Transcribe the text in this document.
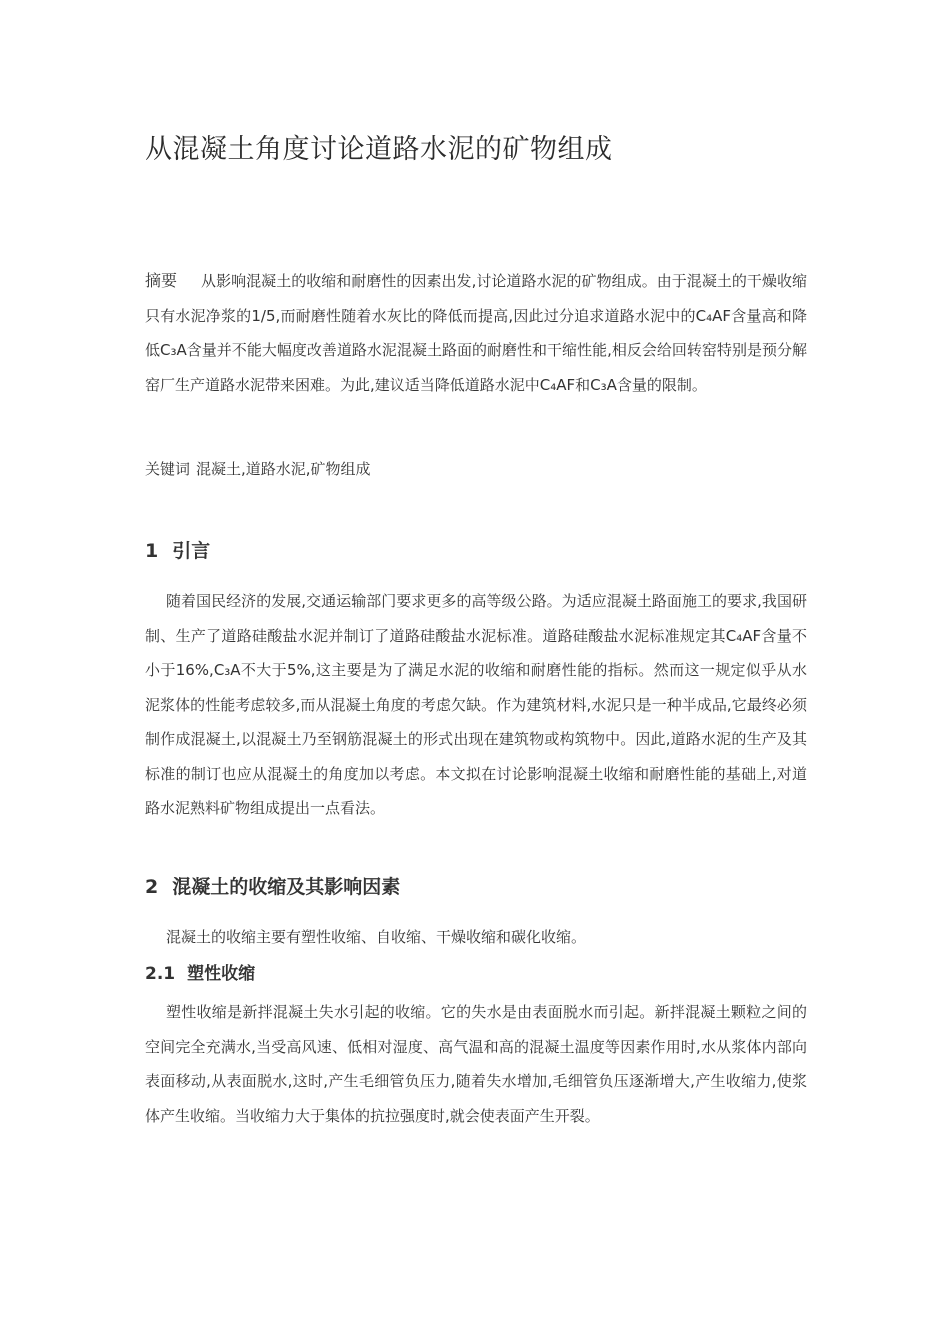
从混凝土角度讨论道路水泥的矿物组成

摘要 从影响混凝土的收缩和耐磨性的因素出发,讨论道路水泥的矿物组成。由于混凝土的干燥收缩只有水泥净浆的1/5,而耐磨性随着水灰比的降低而提高,因此过分追求道路水泥中的C₄AF含量高和降低C₃A含量并不能大幅度改善道路水泥混凝土路面的耐磨性和干缩性能,相反会给回转窑特别是预分解窑厂生产道路水泥带来困难。为此,建议适当降低道路水泥中C₄AF和C₃A含量的限制。

关键词 混凝土,道路水泥,矿物组成

1 引言

随着国民经济的发展,交通运输部门要求更多的高等级公路。为适应混凝土路面施工的要求,我国研制、生产了道路硅酸盐水泥并制订了道路硅酸盐水泥标准。道路硅酸盐水泥标准规定其C₄AF含量不小于16%,C₃A不大于5%,这主要是为了满足水泥的收缩和耐磨性能的指标。然而这一规定似乎从水泥浆体的性能考虑较多,而从混凝土角度的考虑欠缺。作为建筑材料,水泥只是一种半成品,它最终必须制作成混凝土,以混凝土乃至钢筋混凝土的形式出现在建筑物或构筑物中。因此,道路水泥的生产及其标准的制订也应从混凝土的角度加以考虑。本文拟在讨论影响混凝土收缩和耐磨性能的基础上,对道路水泥熟料矿物组成提出一点看法。

2 混凝土的收缩及其影响因素

混凝土的收缩主要有塑性收缩、自收缩、干燥收缩和碳化收缩。

2.1 塑性收缩

塑性收缩是新拌混凝土失水引起的收缩。它的失水是由表面脱水而引起。新拌混凝土颗粒之间的空间完全充满水,当受高风速、低相对湿度、高气温和高的混凝土温度等因素作用时,水从浆体内部向表面移动,从表面脱水,这时,产生毛细管负压力,随着失水增加,毛细管负压逐渐增大,产生收缩力,使浆体产生收缩。当收缩力大于集体的抗拉强度时,就会使表面产生开裂。
